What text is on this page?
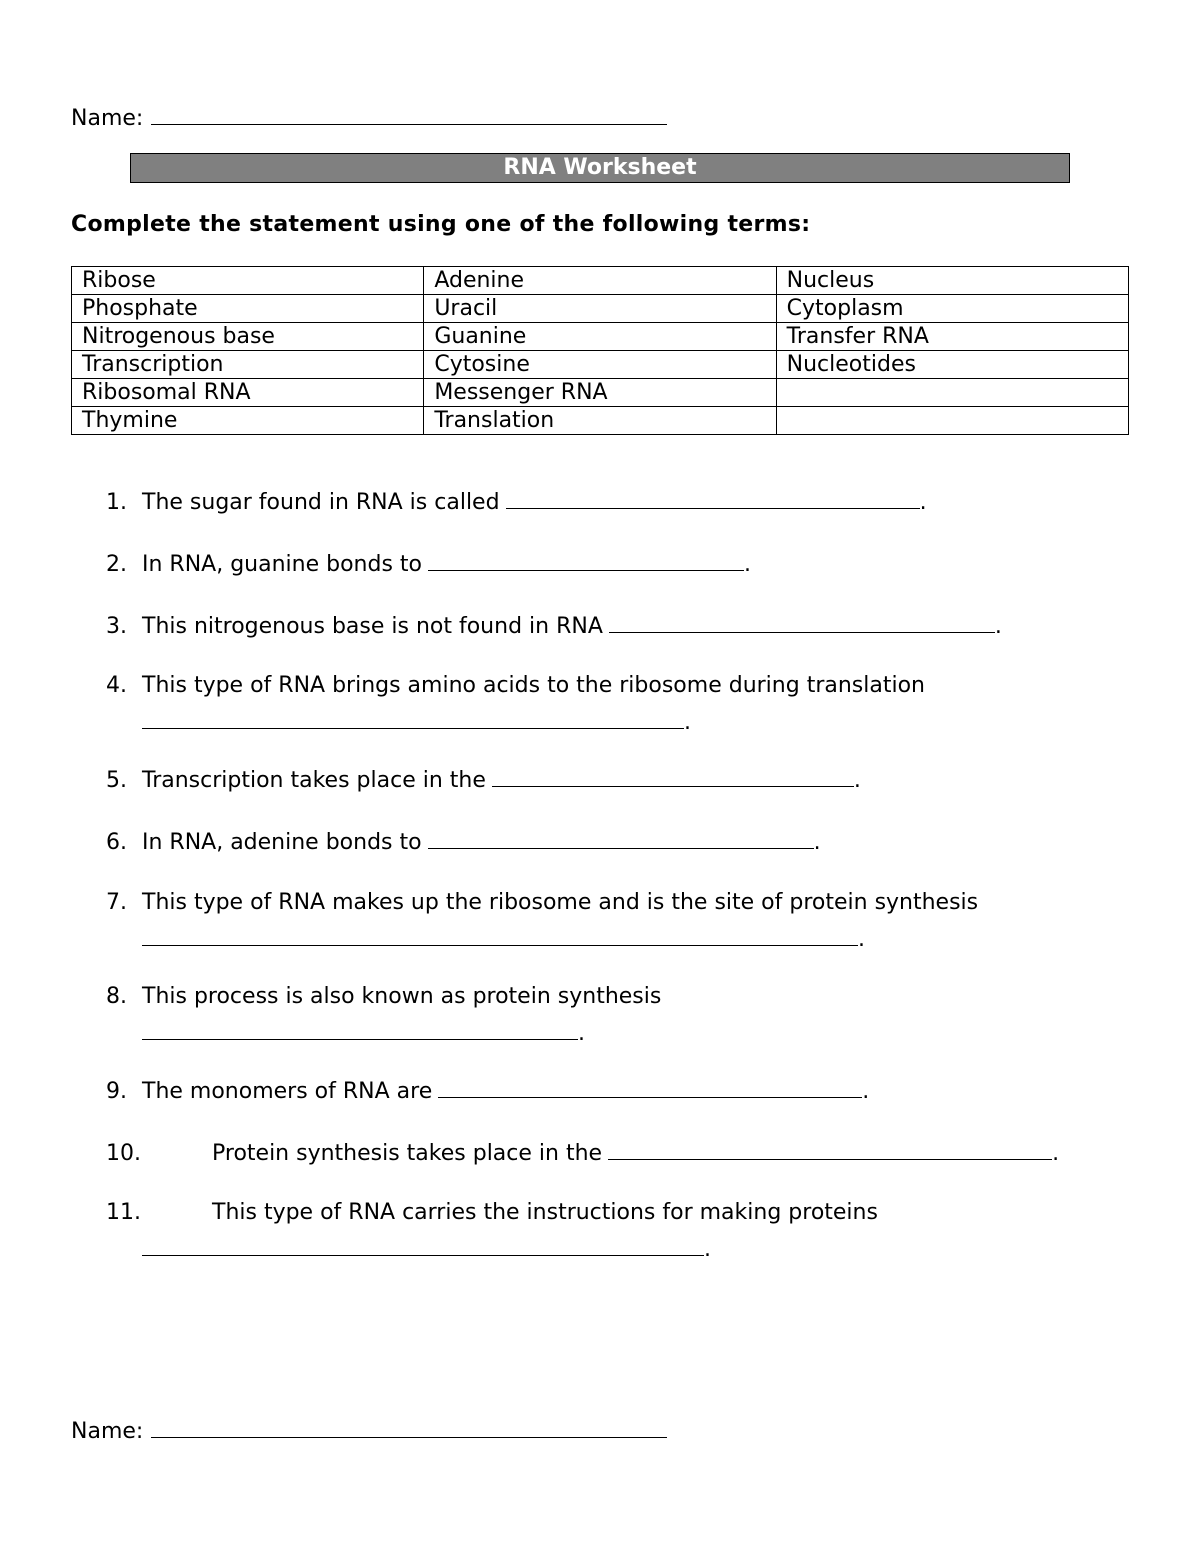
Name:
RNA Worksheet
Complete the statement using one of the following terms:
Ribose	Adenine	Nucleus
Phosphate	Uracil	Cytoplasm
Nitrogenous base	Guanine	Transfer RNA
Transcription	Cytosine	Nucleotides
Ribosomal RNA	Messenger RNA	
Thymine	Translation	
1. The sugar found in RNA is called	.
2. In RNA, guanine bonds to	.
3. This nitrogenous base is not found in RNA	.
4. This type of RNA brings amino acids to the ribosome during translation
.
5. Transcription takes place in the	.
6. In RNA, adenine bonds to	.
7. This type of RNA makes up the ribosome and is the site of protein synthesis
.
8. This process is also known as protein synthesis
.
9. The monomers of RNA are	.
10.	Protein synthesis takes place in the	.
11.	This type of RNA carries the instructions for making proteins
.
Name:
